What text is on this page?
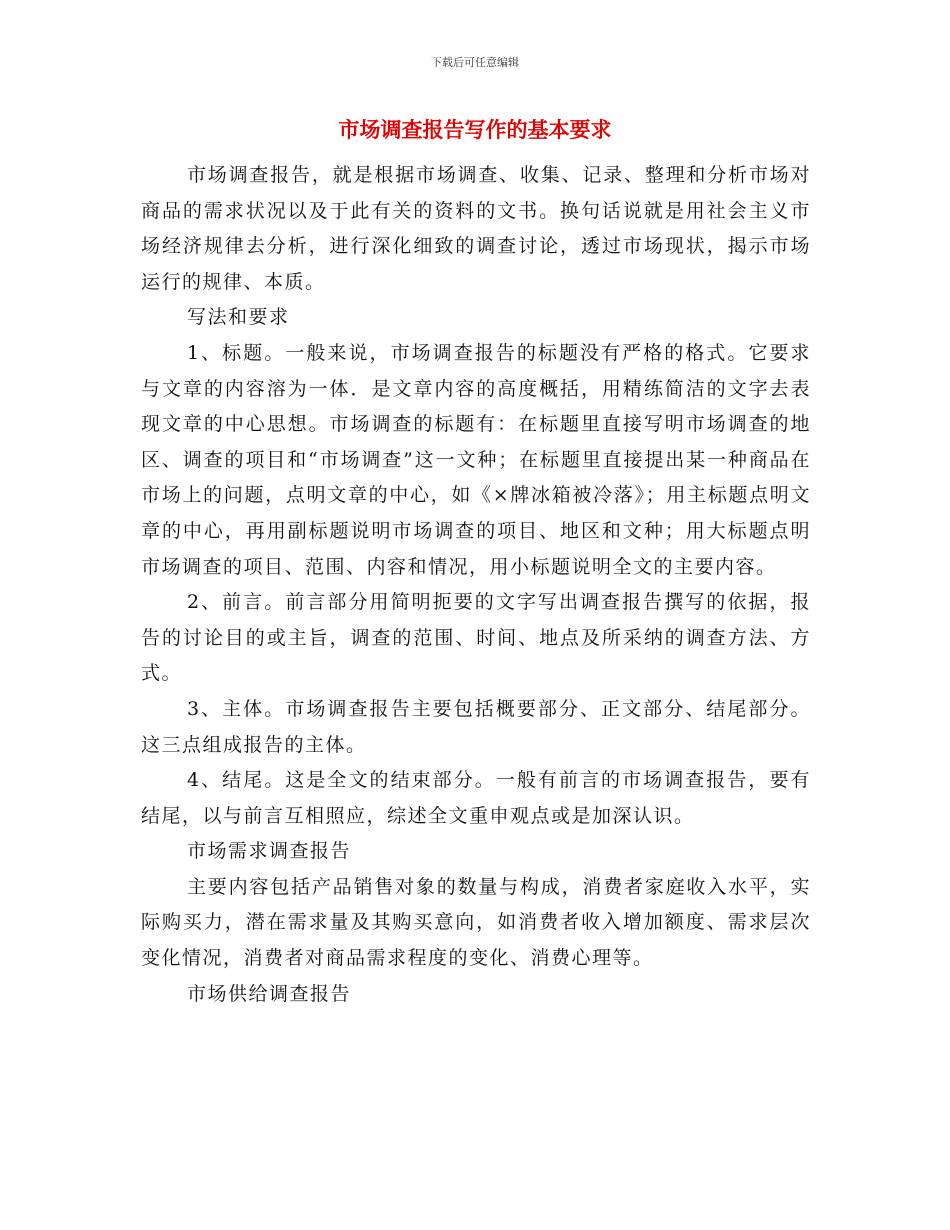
下载后可任意编辑
市场调查报告写作的基本要求

市场调查报告，就是根据市场调查、收集、记录、整理和分析市场对商品的需求状况以及于此有关的资料的文书。换句话说就是用社会主义市场经济规律去分析，进行深化细致的调查讨论，透过市场现状，揭示市场运行的规律、本质。

写法和要求

1、标题。一般来说，市场调查报告的标题没有严格的格式。它要求与文章的内容溶为一体．是文章内容的高度概括，用精练简洁的文字去表现文章的中心思想。市场调查的标题有：在标题里直接写明市场调查的地区、调查的项目和“市场调查”这一文种；在标题里直接提出某一种商品在市场上的问题，点明文章的中心，如《×牌冰箱被冷落》；用主标题点明文章的中心，再用副标题说明市场调查的项目、地区和文种；用大标题点明市场调查的项目、范围、内容和情况，用小标题说明全文的主要内容。

2、前言。前言部分用简明扼要的文字写出调查报告撰写的依据，报告的讨论目的或主旨，调查的范围、时间、地点及所采纳的调查方法、方式。

3、主体。市场调查报告主要包括概要部分、正文部分、结尾部分。这三点组成报告的主体。

4、结尾。这是全文的结束部分。一般有前言的市场调查报告，要有结尾，以与前言互相照应，综述全文重申观点或是加深认识。

市场需求调查报告

主要内容包括产品销售对象的数量与构成，消费者家庭收入水平，实际购买力，潜在需求量及其购买意向，如消费者收入增加额度、需求层次变化情况，消费者对商品需求程度的变化、消费心理等。

市场供给调查报告
